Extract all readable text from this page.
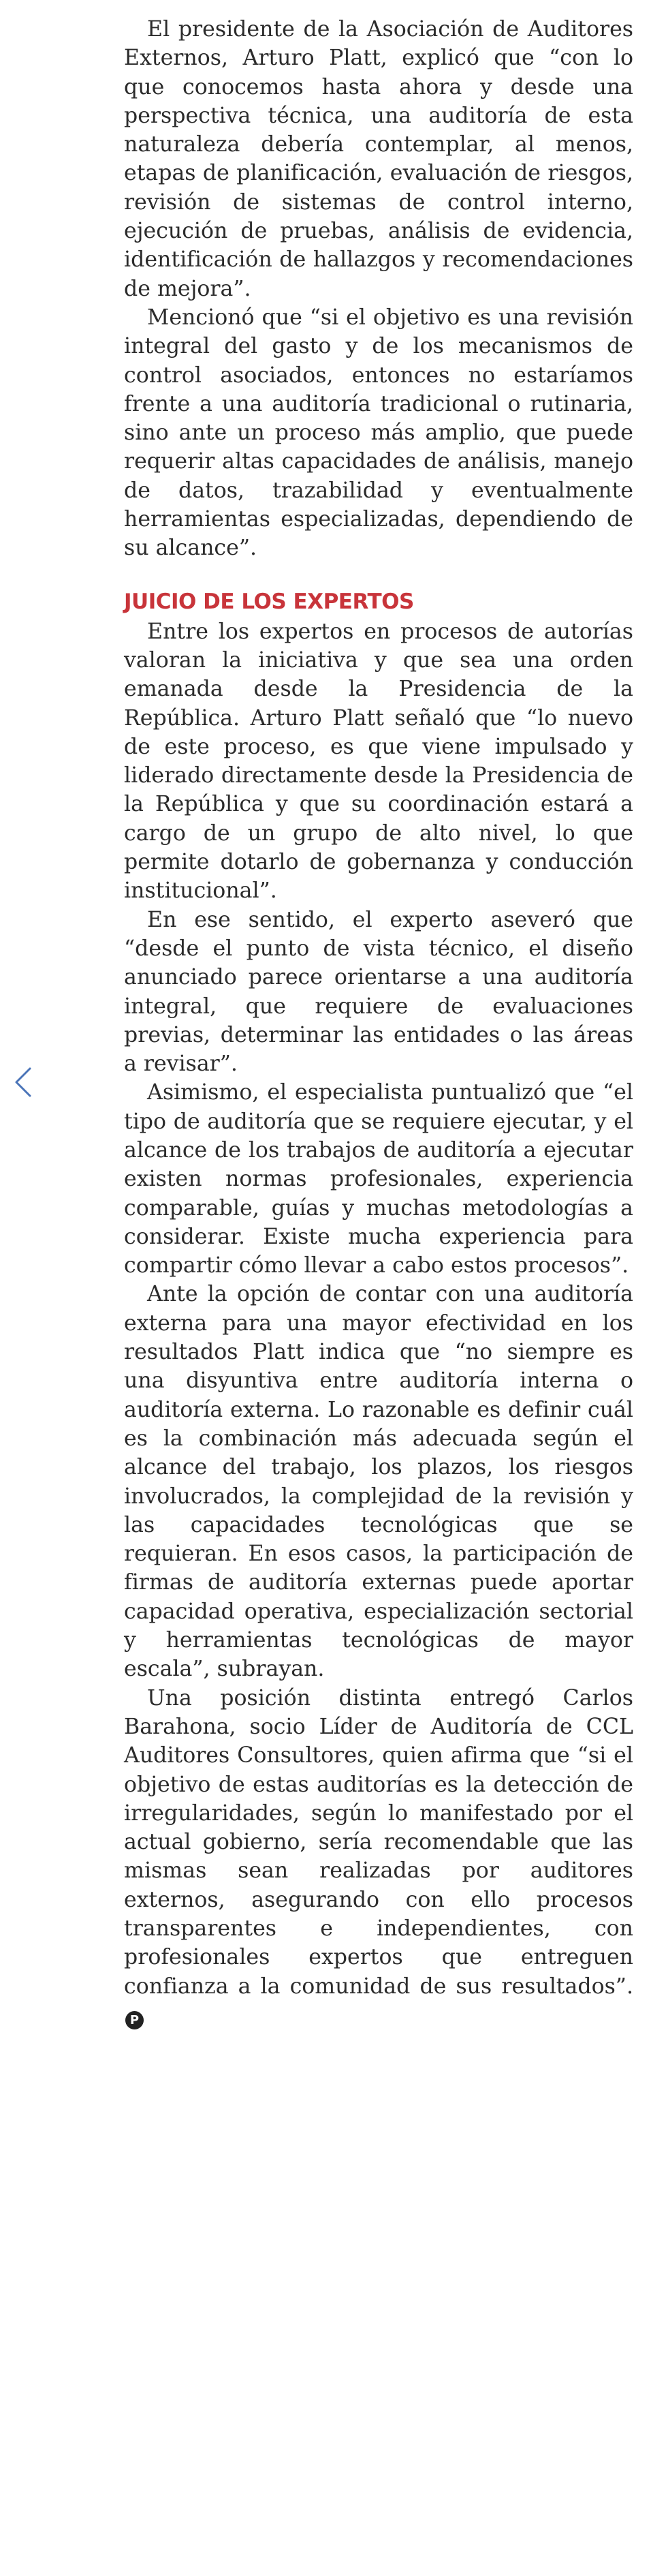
El presidente de la Asociación de Auditores Externos, Arturo Platt, explicó que “con lo que conocemos hasta ahora y desde una perspectiva técnica, una auditoría de esta naturaleza debería contemplar, al menos, etapas de planificación, evaluación de riesgos, revisión de sistemas de control interno, ejecución de pruebas, análisis de evidencia, identificación de hallazgos y recomendaciones de mejora”.

Mencionó que “si el objetivo es una revisión integral del gasto y de los mecanismos de control asociados, entonces no estaríamos frente a una auditoría tradicional o rutinaria, sino ante un proceso más amplio, que puede requerir altas capacidades de análisis, manejo de datos, trazabilidad y eventualmente herramientas especializadas, dependiendo de su alcance”.

JUICIO DE LOS EXPERTOS

Entre los expertos en procesos de autorías valoran la iniciativa y que sea una orden emanada desde la Presidencia de la República. Arturo Platt señaló que “lo nuevo de este proceso, es que viene impulsado y liderado directamente desde la Presidencia de la República y que su coordinación estará a cargo de un grupo de alto nivel, lo que permite dotarlo de gobernanza y conducción institucional”.

En ese sentido, el experto aseveró que “desde el punto de vista técnico, el diseño anunciado parece orientarse a una auditoría integral, que requiere de evaluaciones previas, determinar las entidades o las áreas a revisar”.

Asimismo, el especialista puntualizó que “el tipo de auditoría que se requiere ejecutar, y el alcance de los trabajos de auditoría a ejecutar existen normas profesionales, experiencia comparable, guías y muchas metodologías a considerar. Existe mucha experiencia para compartir cómo llevar a cabo estos procesos”.

Ante la opción de contar con una auditoría externa para una mayor efectividad en los resultados Platt indica que “no siempre es una disyuntiva entre auditoría interna o auditoría externa. Lo razonable es definir cuál es la combinación más adecuada según el alcance del trabajo, los plazos, los riesgos involucrados, la complejidad de la revisión y las capacidades tecnológicas que se requieran. En esos casos, la participación de firmas de auditoría externas puede aportar capacidad operativa, especialización sectorial y herramientas tecnológicas de mayor escala”, subrayan.

Una posición distinta entregó Carlos Barahona, socio Líder de Auditoría de CCL Auditores Consultores, quien afirma que “si el objetivo de estas auditorías es la detección de irregularidades, según lo manifestado por el actual gobierno, sería recomendable que las mismas sean realizadas por auditores externos, asegurando con ello procesos transparentes e independientes, con profesionales expertos que entreguen confianza a la comunidad de sus resultados”.P
